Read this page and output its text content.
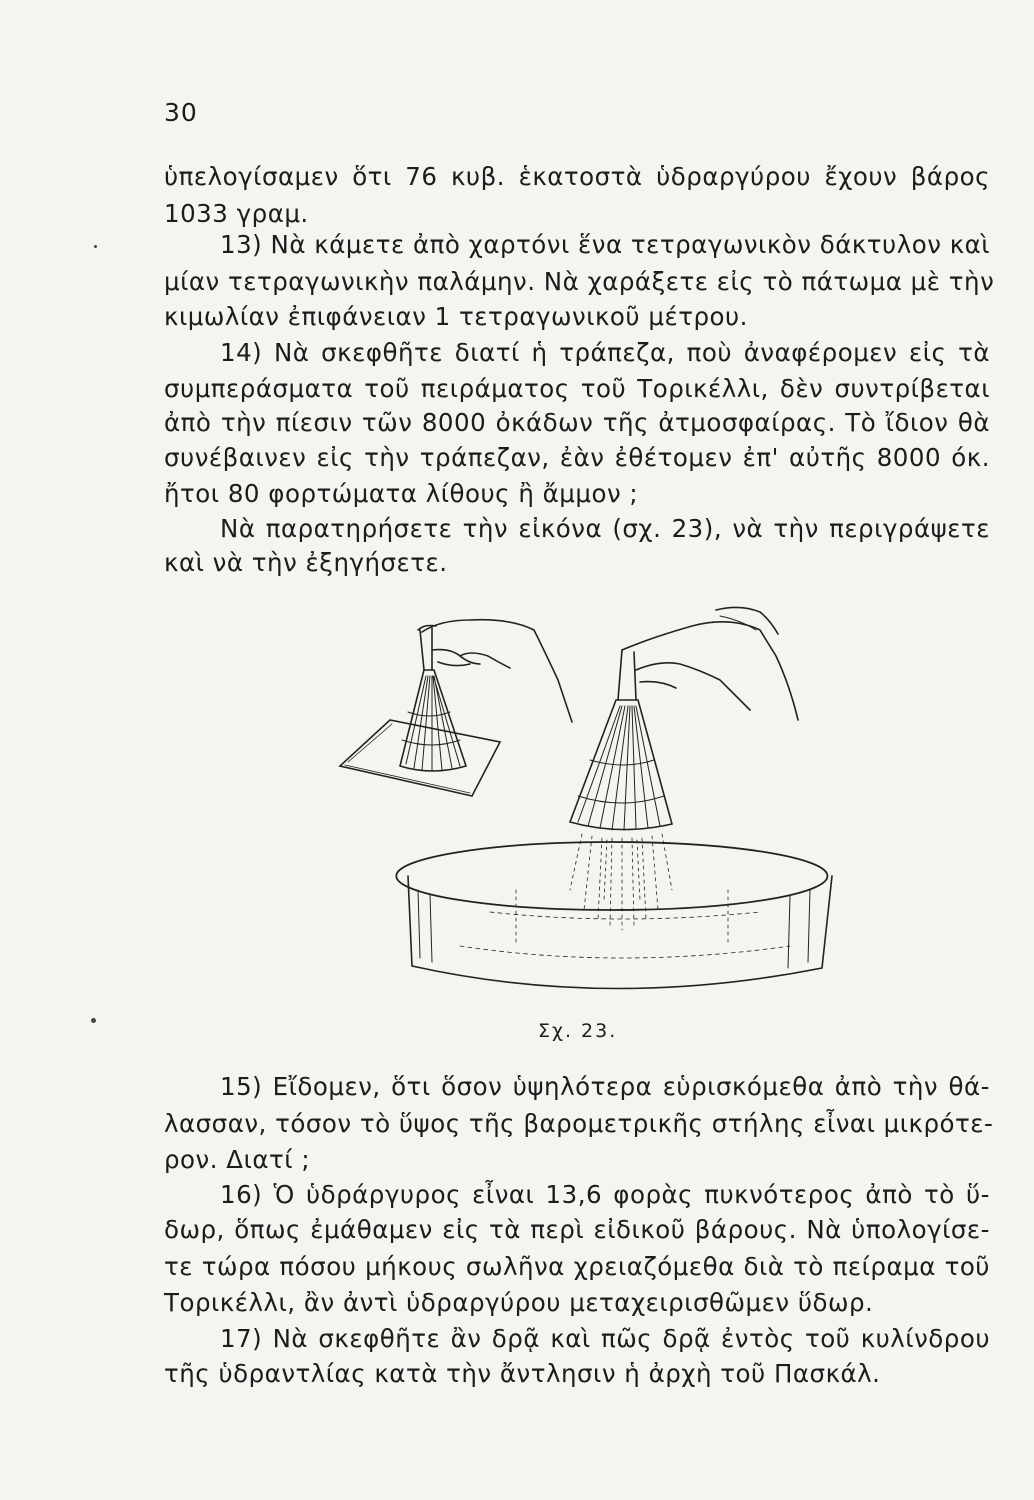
30
ὑπελογίσαμεν ὅτι 76 κυβ. ἑκατοστὰ ὑδραργύρου ἔχουν βάρος
1033 γραμ.
13) Νὰ κάμετε ἀπὸ χαρτόνι ἕνα τετραγωνικὸν δάκτυλον καὶ
μίαν τετραγωνικὴν παλάμην. Νὰ χαράξετε εἰς τὸ πάτωμα μὲ τὴν
κιμωλίαν ἐπιφάνειαν 1 τετραγωνικοῦ μέτρου.
14) Νὰ σκεφθῆτε διατί ἡ τράπεζα, ποὺ ἀναφέρομεν εἰς τὰ
συμπεράσματα τοῦ πειράματος τοῦ Τορικέλλι, δὲν συντρίβεται
ἀπὸ τὴν πίεσιν τῶν 8000 ὀκάδων τῆς ἀτμοσφαίρας. Τὸ ἴδιον θὰ
συνέβαινεν εἰς τὴν τράπεζαν, ἐὰν ἐθέτομεν ἐπ' αὐτῆς 8000 όκ.
ἤτοι 80 φορτώματα λίθους ἢ ἄμμον ;
Νὰ παρατηρήσετε τὴν εἰκόνα (σχ. 23), νὰ τὴν περιγράψετε
καὶ νὰ τὴν ἐξηγήσετε.
Σχ. 23.
15) Εἴδομεν, ὅτι ὅσον ὑψηλότερα εὑρισκόμεθα ἀπὸ τὴν θά-
λασσαν, τόσον τὸ ὕψος τῆς βαρομετρικῆς στήλης εἶναι μικρότε-
ρον. Διατί ;
16) Ὁ ὑδράργυρος εἶναι 13,6 φορὰς πυκνότερος ἀπὸ τὸ ὕ-
δωρ, ὅπως ἐμάθαμεν εἰς τὰ περὶ εἰδικοῦ βάρους. Νὰ ὑπολογίσε-
τε τώρα πόσου μήκους σωλῆνα χρειαζόμεθα διὰ τὸ πείραμα τοῦ
Τορικέλλι, ἂν ἀντὶ ὑδραργύρου μεταχειρισθῶμεν ὕδωρ.
17) Νὰ σκεφθῆτε ἂν δρᾷ καὶ πῶς δρᾷ ἐντὸς τοῦ κυλίνδρου
τῆς ὑδραντλίας κατὰ τὴν ἄντλησιν ἡ ἀρχὴ τοῦ Πασκάλ.
